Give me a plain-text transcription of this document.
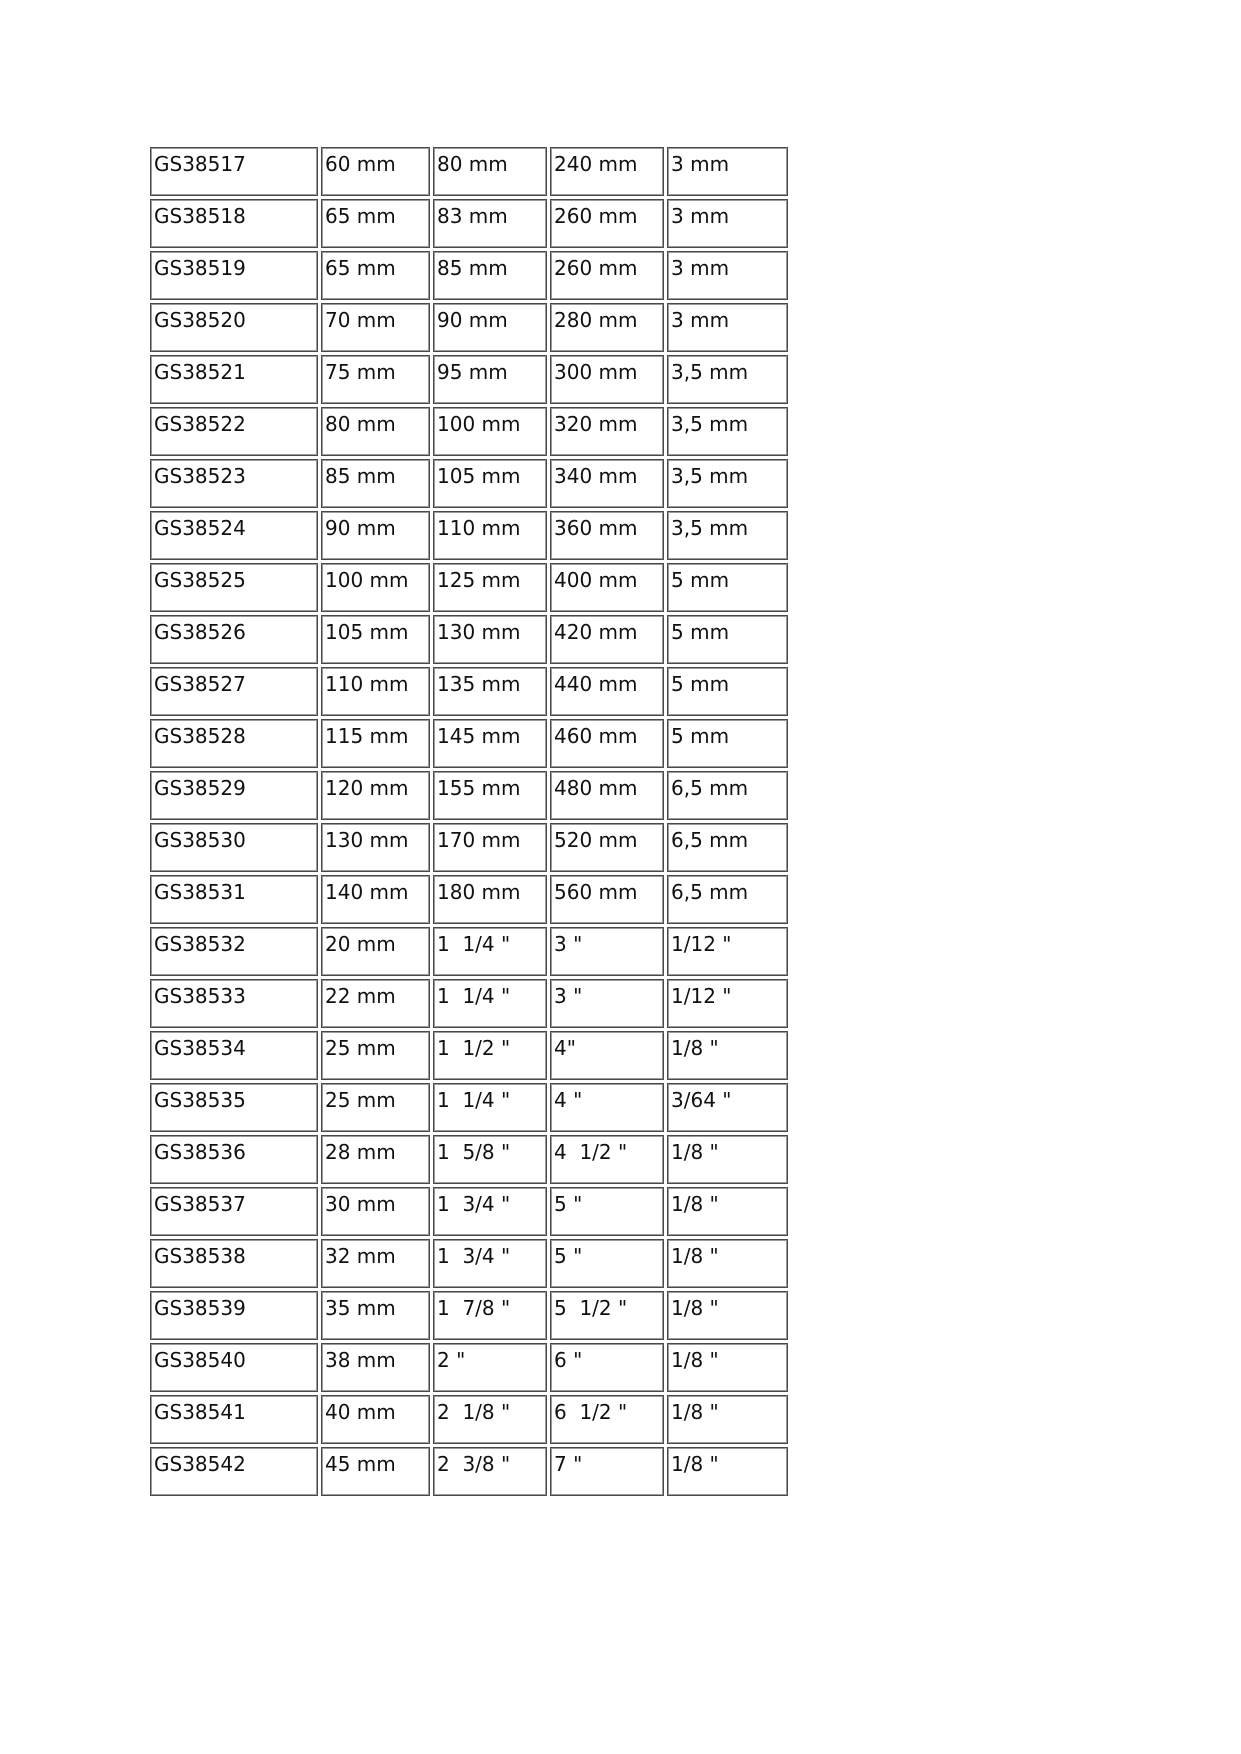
GS38517	60 mm	80 mm	240 mm	3 mm
GS38518	65 mm	83 mm	260 mm	3 mm
GS38519	65 mm	85 mm	260 mm	3 mm
GS38520	70 mm	90 mm	280 mm	3 mm
GS38521	75 mm	95 mm	300 mm	3,5 mm
GS38522	80 mm	100 mm	320 mm	3,5 mm
GS38523	85 mm	105 mm	340 mm	3,5 mm
GS38524	90 mm	110 mm	360 mm	3,5 mm
GS38525	100 mm	125 mm	400 mm	5 mm
GS38526	105 mm	130 mm	420 mm	5 mm
GS38527	110 mm	135 mm	440 mm	5 mm
GS38528	115 mm	145 mm	460 mm	5 mm
GS38529	120 mm	155 mm	480 mm	6,5 mm
GS38530	130 mm	170 mm	520 mm	6,5 mm
GS38531	140 mm	180 mm	560 mm	6,5 mm
GS38532	20 mm	1  1/4 "	3 "	1/12 "
GS38533	22 mm	1  1/4 "	3 "	1/12 "
GS38534	25 mm	1  1/2 "	4"	1/8 "
GS38535	25 mm	1  1/4 "	4 "	3/64 "
GS38536	28 mm	1  5/8 "	4  1/2 "	1/8 "
GS38537	30 mm	1  3/4 "	5 "	1/8 "
GS38538	32 mm	1  3/4 "	5 "	1/8 "
GS38539	35 mm	1  7/8 "	5  1/2 "	1/8 "
GS38540	38 mm	2 "	6 "	1/8 "
GS38541	40 mm	2  1/8 "	6  1/2 "	1/8 "
GS38542	45 mm	2  3/8 "	7 "	1/8 "
